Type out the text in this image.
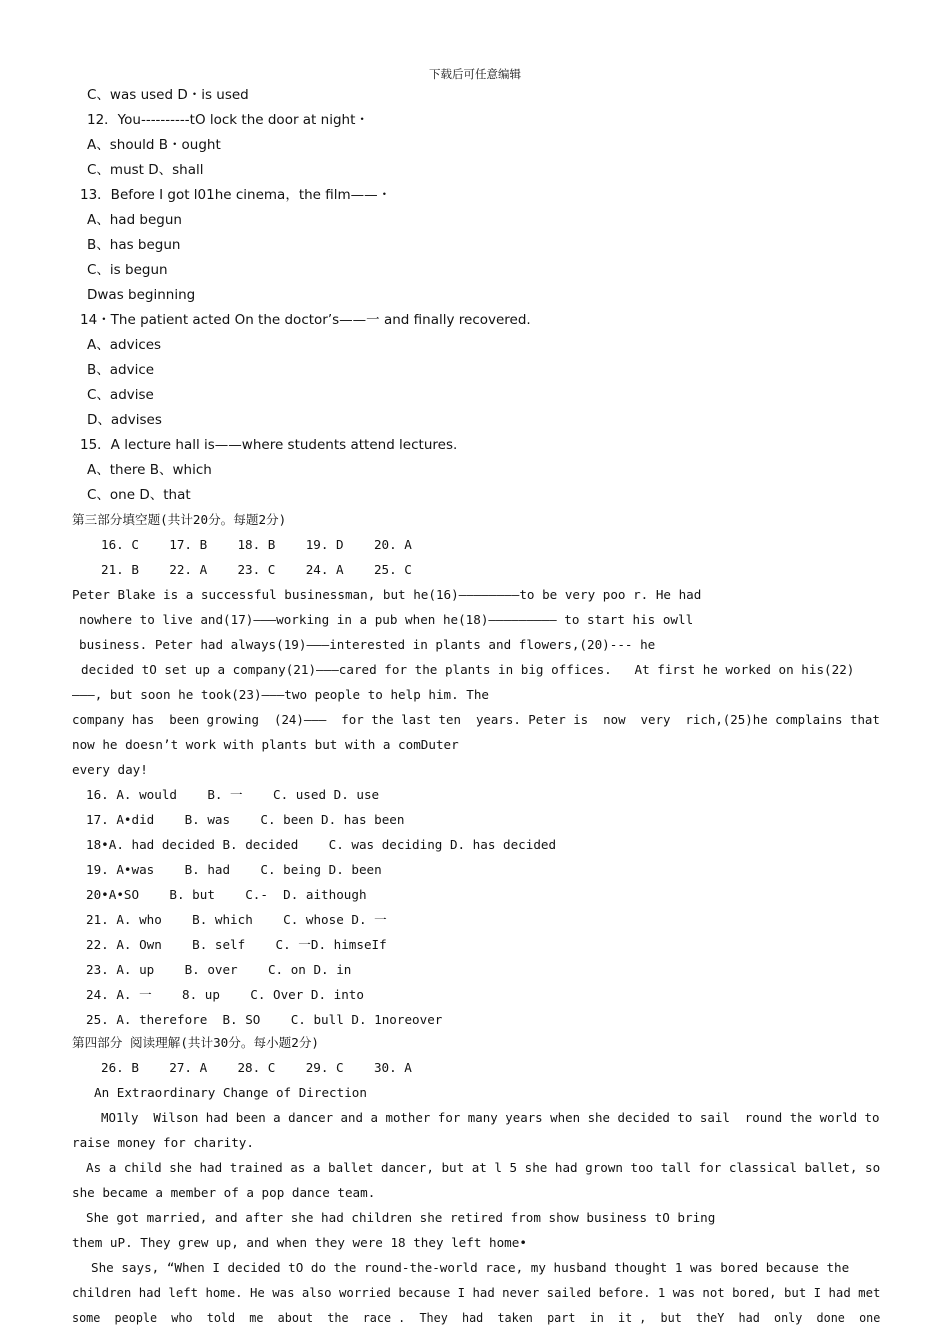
下载后可任意编辑
C、was used D・is used
12．You----------tO lock the door at night・
A、should B・ought
C、must D、shall
13．Before I got l01he cinema，the film——・
A、had begun
B、has begun
C、is begun
Dwas beginning
14・The patient acted On the doctor’s——一 and finally recovered.
A、advices
B、advice
C、advise
D、advises
15．A lecture hall is——where students attend lectures.
A、there B、which
C、one D、that
第三部分填空题(共计20分。每题2分)
16. C    17. B    18. B    19. D    20. A
21. B    22. A    23. C    24. A    25. C
Peter Blake is a successful businessman, but he(16)————————to be very poo r. He had
nowhere to live and(17)———working in a pub when he(18)————————— to start his owll
business. Peter had always(19)———interested in plants and flowers,(20)--- he
decided tO set up a company(21)———cared for the plants in big offices.   At first he worked on his(22)
———, but soon he took(23)———two people to help him. The
company has  been growing  (24)———  for the last ten  years. Peter is  now  very  rich,(25)he complains that
now he doesn’t work with plants but with a comDuter
every day!
16. A. would    B. 一    C. used D. use
17. A•did    B. was    C. been D. has been
18•A. had decided B. decided    C. was deciding D. has decided
19. A•was    B. had    C. being D. been
20•A•SO    B. but    C.-  D. aithough
21. A. who    B. which    C. whose D. 一
22. A. Own    B. self    C. 一D. himseIf
23. A. up    B. over    C. on D. in
24. A. 一    8. up    C. Over D. into
25. A. therefore  B. SO    C. bull D. 1noreover
第四部分 阅读理解(共计30分。每小题2分)
26. B    27. A    28. C    29. C    30. A
An Extraordinary Change of Direction
MO1ly  Wilson had been a dancer and a mother for many years when she decided to sail  round the world to
raise money for charity.
As a child she had trained as a ballet dancer, but at l 5 she had grown too tall for classical ballet, so
she became a member of a pop dance team.
She got married, and after she had children she retired from show business tO bring
them uP. They grew up, and when they were 18 they left home•
She says, “When I decided tO do the round-the-world race, my husband thought 1 was bored because the
children had left home. He was also worried because I had never sailed before. 1 was not bored, but I had met
some  people  who  told  me  about  the  race .  They  had  taken  part  in  it ,  but  theY  had  only  done  one
